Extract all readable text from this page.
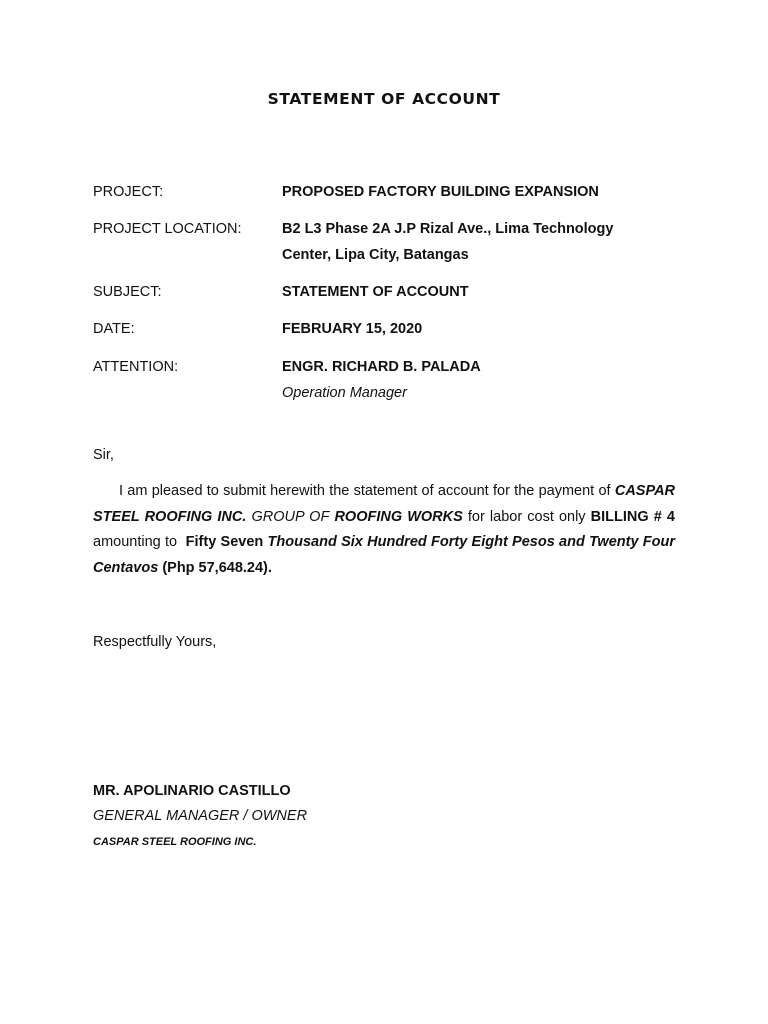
STATEMENT OF ACCOUNT
PROJECT:	PROPOSED FACTORY BUILDING EXPANSION
PROJECT LOCATION:	B2 L3 Phase 2A J.P Rizal Ave., Lima Technology
Center, Lipa City, Batangas
SUBJECT:	STATEMENT OF ACCOUNT
DATE:	FEBRUARY 15, 2020
ATTENTION:	ENGR. RICHARD B. PALADA
Operation Manager
Sir,
I am pleased to submit herewith the statement of account for the payment of CASPAR STEEL ROOFING INC. GROUP OF ROOFING WORKS for labor cost only BILLING # 4 amounting to Fifty Seven Thousand Six Hundred Forty Eight Pesos and Twenty Four Centavos (Php 57,648.24).
Respectfully Yours,
MR. APOLINARIO CASTILLO
GENERAL MANAGER / OWNER
CASPAR STEEL ROOFING INC.
